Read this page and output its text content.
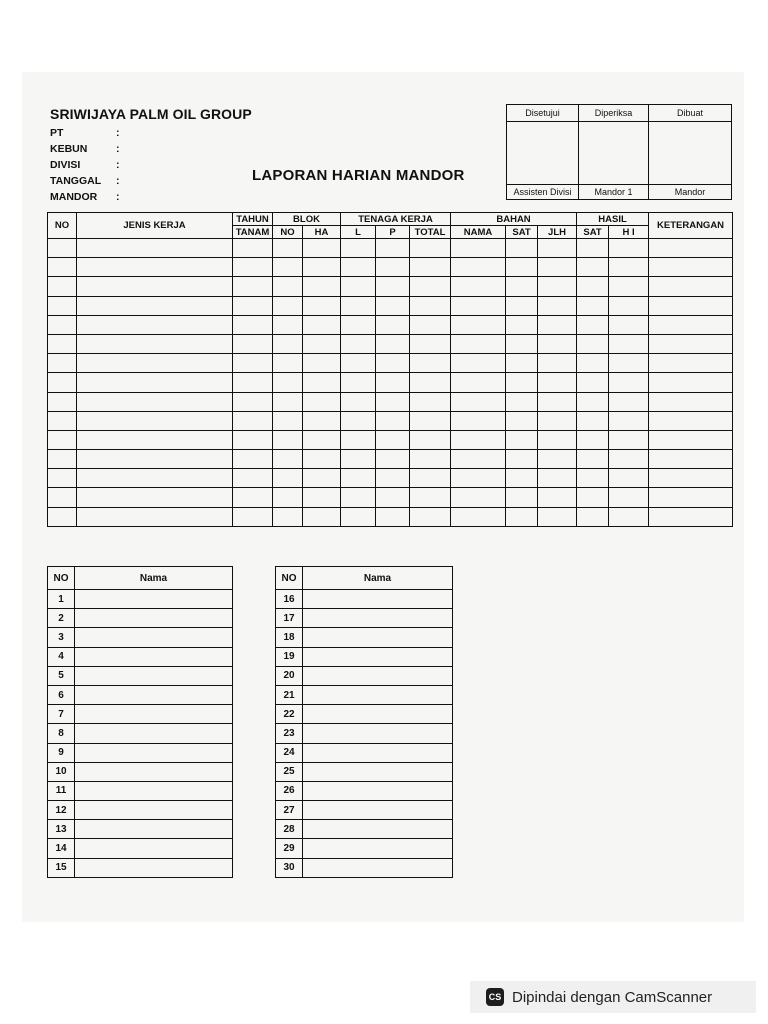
SRIWIJAYA PALM OIL GROUP
PT	:
KEBUN	:
DIVISI	:
TANGGAL :
MANDOR :
LAPORAN HARIAN MANDOR
Disetujui	Diperiksa	Dibuat

Assisten Divisi	Mandor 1	Mandor
NO	JENIS KERJA	TAHUN	BLOK		TENAGA KERJA			BAHAN			HASIL		KETERANGAN
		TANAM	NO	HA	L	P	TOTAL	NAMA	SAT	JLH	SAT	H I	

NO	Nama
1	
2	
3	
4	
5	
6	
7	
8	
9	
10	
11	
12	
13	
14	
15	
NO	Nama
16	
17	
18	
19	
20	
21	
22	
23	
24	
25	
26	
27	
28	
29	
30	
CS Dipindai dengan CamScanner
